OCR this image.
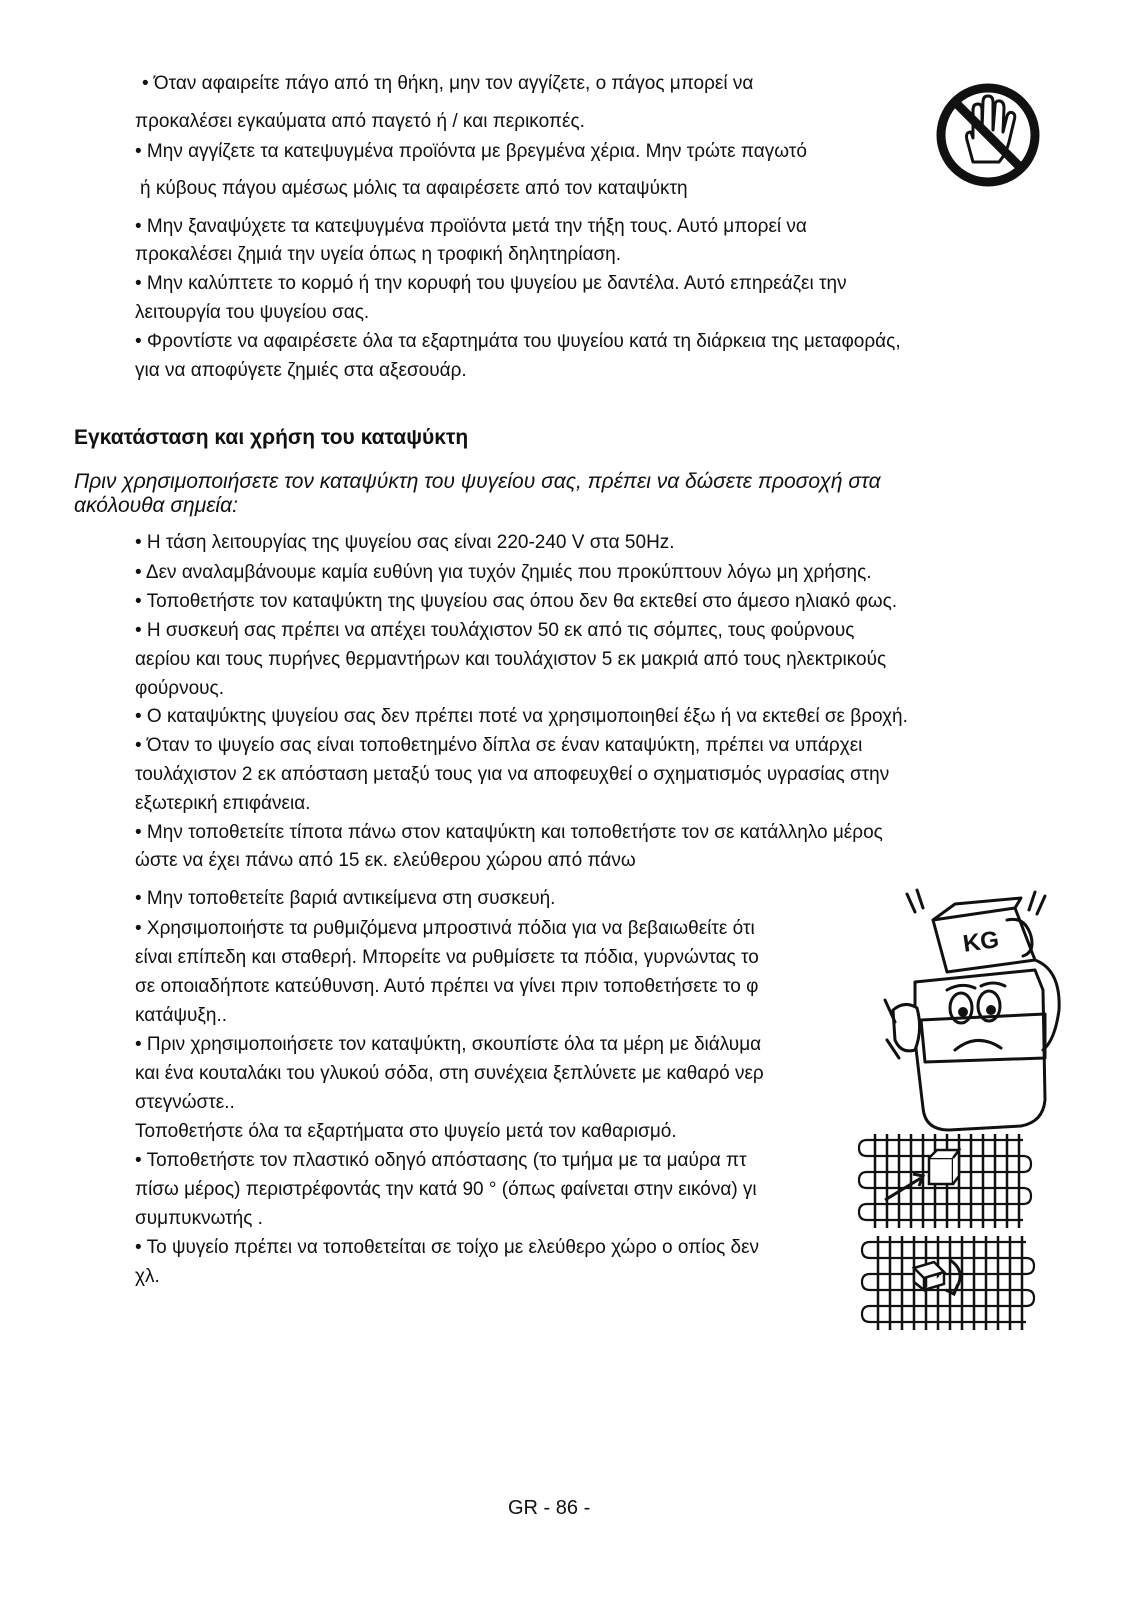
• Όταν αφαιρείτε πάγο από τη θήκη, μην τον αγγίζετε, ο πάγος μπορεί να
προκαλέσει εγκαύματα από παγετό ή / και περικοπές.
• Μην αγγίζετε τα κατεψυγμένα προϊόντα με βρεγμένα χέρια. Μην τρώτε παγωτό
ή κύβους πάγου αμέσως μόλις τα αφαιρέσετε από τον καταψύκτη
• Μην ξαναψύχετε τα κατεψυγμένα προϊόντα μετά την τήξη τους. Αυτό μπορεί να
προκαλέσει ζημιά την υγεία όπως η τροφική δηλητηρίαση.
• Μην καλύπτετε το κορμό ή την κορυφή του ψυγείου με δαντέλα. Αυτό επηρεάζει την
λειτουργία του ψυγείου σας.
• Φροντίστε να αφαιρέσετε όλα τα εξαρτημάτα του ψυγείου κατά τη διάρκεια της μεταφοράς,
για να αποφύγετε ζημιές στα αξεσουάρ.
Εγκατάσταση και χρήση του καταψύκτη
Πριν χρησιμοποιήσετε τον καταψύκτη του ψυγείου σας, πρέπει να δώσετε προσοχή στα
ακόλουθα σημεία:
• Η τάση λειτουργίας της ψυγείου σας είναι 220-240 V στα 50Hz.
• Δεν αναλαμβάνουμε καμία ευθύνη για τυχόν ζημιές που προκύπτουν λόγω μη χρήσης.
• Τοποθετήστε τον καταψύκτη της ψυγείου σας όπου δεν θα εκτεθεί στο άμεσο ηλιακό φως.
• Η συσκευή σας πρέπει να απέχει τουλάχιστον 50 εκ από τις σόμπες, τους φούρνους
αερίου και τους πυρήνες θερμαντήρων και τουλάχιστον 5 εκ μακριά από τους ηλεκτρικούς
φούρνους.
• Ο καταψύκτης ψυγείου σας δεν πρέπει ποτέ να χρησιμοποιηθεί έξω ή να εκτεθεί σε βροχή.
• Όταν το ψυγείο σας είναι τοποθετημένο δίπλα σε έναν καταψύκτη, πρέπει να υπάρχει
τουλάχιστον 2 εκ απόσταση μεταξύ τους για να αποφευχθεί ο σχηματισμός υγρασίας στην
εξωτερική επιφάνεια.
• Μην τοποθετείτε τίποτα πάνω στον καταψύκτη και τοποθετήστε τον σε κατάλληλο μέρος
ώστε να έχει πάνω από 15 εκ. ελεύθερου χώρου από πάνω
• Μην τοποθετείτε βαριά αντικείμενα στη συσκευή.
• Χρησιμοποιήστε τα ρυθμιζόμενα μπροστινά πόδια για να βεβαιωθείτε ότι
είναι επίπεδη και σταθερή. Μπορείτε να ρυθμίσετε τα πόδια, γυρνώντας το
σε οποιαδήποτε κατεύθυνση. Αυτό πρέπει να γίνει πριν τοποθετήσετε το φ
κατάψυξη..
• Πριν χρησιμοποιήσετε τον καταψύκτη, σκουπίστε όλα τα μέρη με διάλυμα
και ένα κουταλάκι του γλυκού σόδα, στη συνέχεια ξεπλύνετε με καθαρό νερ
στεγνώστε..
Τοποθετήστε όλα τα εξαρτήματα στο ψυγείο μετά τον καθαρισμό.
• Τοποθετήστε τον πλαστικό οδηγό απόστασης (το τμήμα με τα μαύρα πτ
πίσω μέρος) περιστρέφοντάς την κατά 90 ° (όπως φαίνεται στην εικόνα) γι
συμπυκνωτής .
• Το ψυγείο πρέπει να τοποθετείται σε τοίχο με ελεύθερο χώρο ο οπίος δεν
χλ.
KG
GR - 86 -
